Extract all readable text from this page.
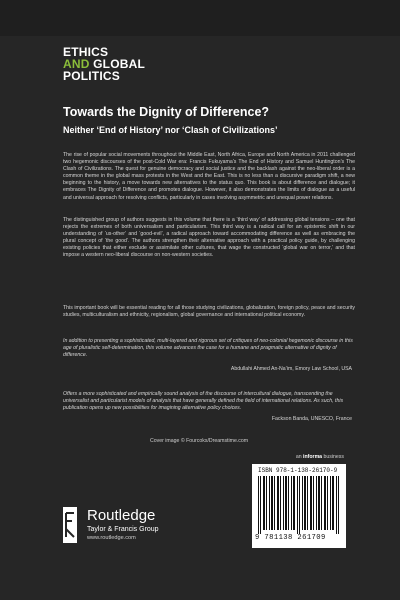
ETHICS
AND GLOBAL
POLITICS
Towards the Dignity of Difference?
Neither ‘End of History’ nor ‘Clash of Civilizations’
The rise of popular social movements throughout the Middle East, North Africa, Europe and North America in 2011 challenged two hegemonic discourses of the post-Cold War era: Francis Fukuyama’s The End of History and Samuel Huntington’s The Clash of Civilizations. The quest for genuine democracy and social justice and the backlash against the neo-liberal order is a common theme in the global mass protests in the West and the East. This is no less than a discursive paradigm shift, a new beginning to the history, a move towards new alternatives to the status quo. This book is about difference and dialogue; it embraces The Dignity of Difference and promotes dialogue. However, it also demonstrates the limits of dialogue as a useful and universal approach for resolving conflicts, particularly in cases involving asymmetric and unequal power relations.
The distinguished group of authors suggests in this volume that there is a ‘third way’ of addressing global tensions – one that rejects the extremes of both universalism and particularism. This third way is a radical call for an epistemic shift in our understanding of ‘us-other’ and ‘good-evil’, a radical approach toward accommodating difference as well as embracing the plural concept of ‘the good’. The authors strengthen their alternative approach with a practical policy guide, by challenging existing policies that either exclude or assimilate other cultures, that wage the constructed ‘global war on terror,’ and that impose a western neo-liberal discourse on non-western societies.
This important book will be essential reading for all those studying civilizations, globalization, foreign policy, peace and security studies, multiculturalism and ethnicity, regionalism, global governance and international political economy.
In addition to presenting a sophisticated, multi-layered and rigorous set of critiques of neo-colonial hegemonic discourse in this age of pluralistic self-determination, this volume advances the case for a humane and pragmatic alternative of dignity of difference.
Abdullahi Ahmed An-Na’im, Emory Law School, USA
Offers a more sophisticated and empirically sound analysis of the discourse of intercultural dialogue, transcending the universalist and particularist models of analysis that have generally defined the field of international relations. As such, this publication opens up new possibilities for imagining alternative policy choices.
Fackson Banda, UNESCO, France
Cover image © Fourcoks/Dreamstime.com
an informa business
ISBN 978-1-138-26170-9
9 781138 261709
Routledge
Taylor & Francis Group
www.routledge.com
